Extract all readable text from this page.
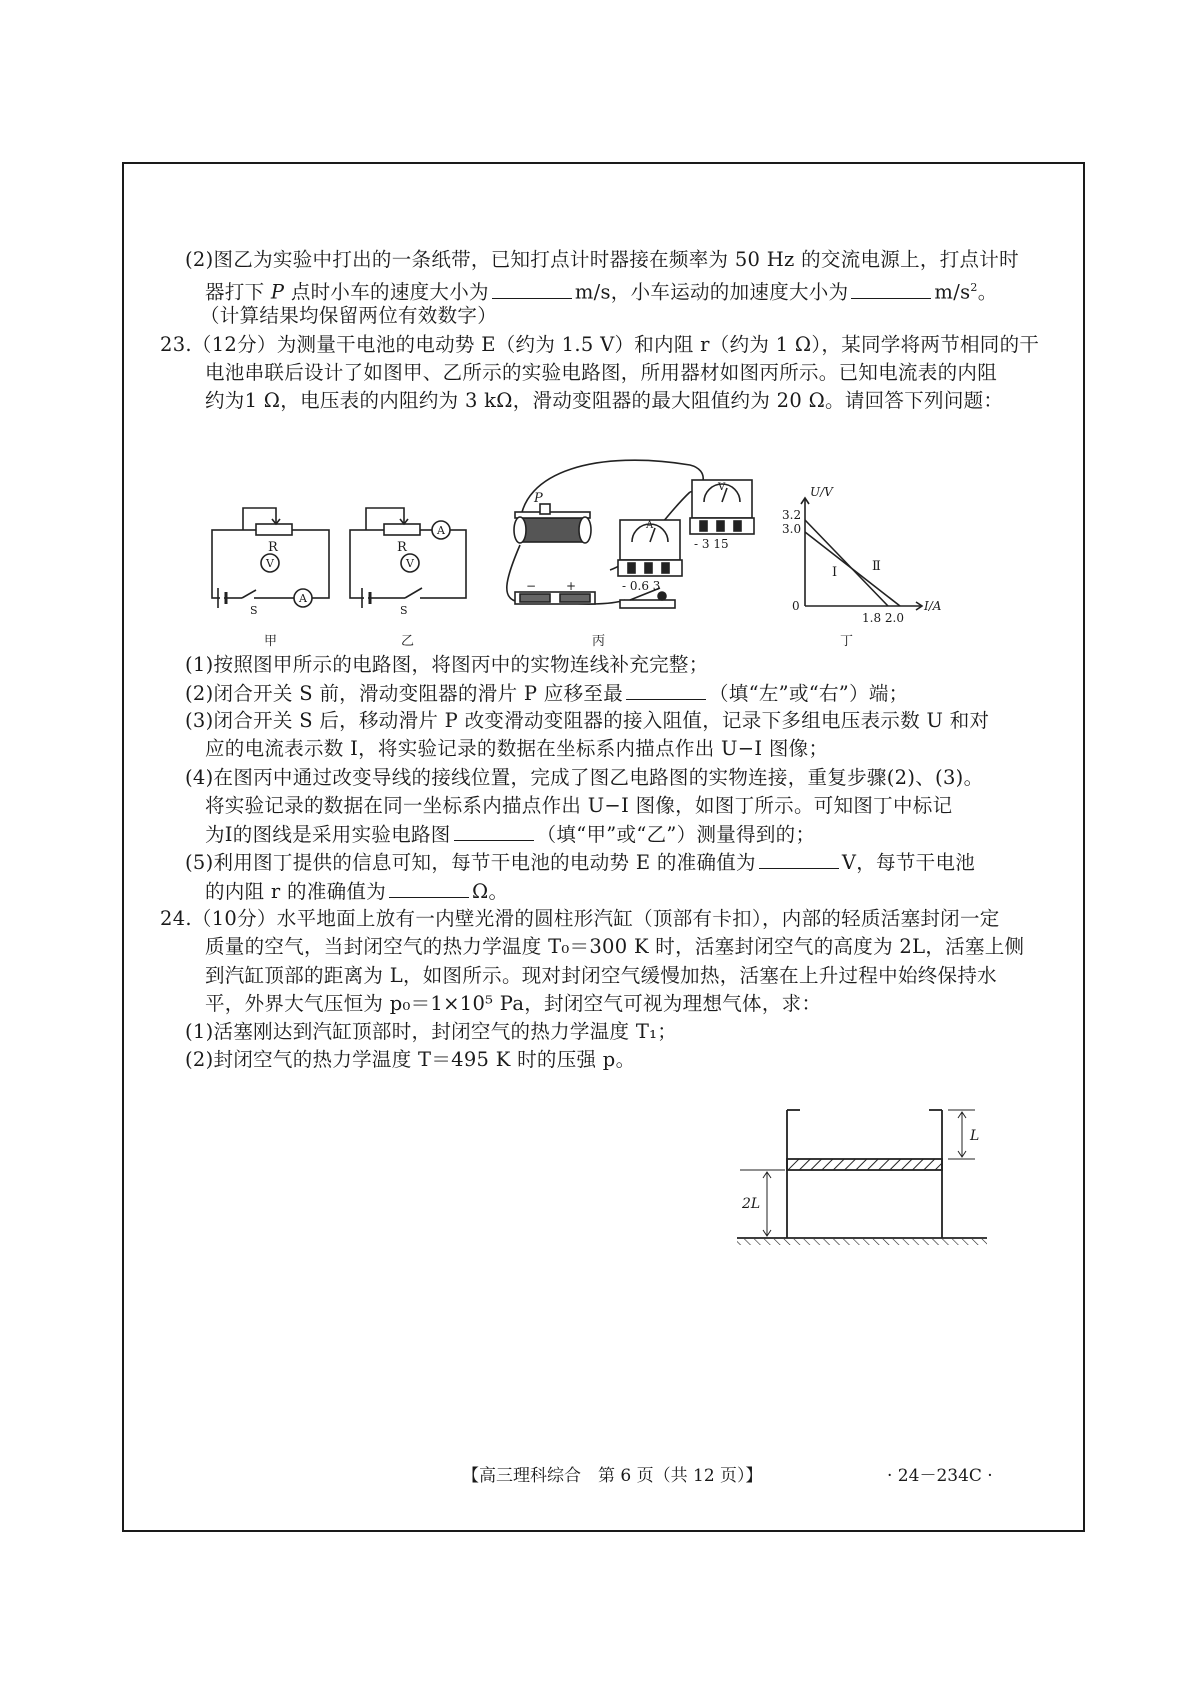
(2)图乙为实验中打出的一条纸带，已知打点计时器接在频率为 50 Hz 的交流电源上，打点计时
器打下 P 点时小车的速度大小为	m/s，小车运动的加速度大小为	$m/s^2$。
（计算结果均保留两位有效数字）
23.（12分）为测量干电池的电动势 E（约为 1.5 V）和内阻 r（约为 1 Ω），某同学将两节相同的干
电池串联后设计了如图甲、乙所示的实验电路图，所用器材如图丙所示。已知电流表的内阻
约为1 Ω，电压表的内阻约为 3 kΩ，滑动变阻器的最大阻值约为 20 Ω。请回答下列问题：
R
V
A
S
甲
R
A
V
S
乙
P
A
V
- 0.6 3
- 3 15
− +
丙
U/V
I/A
3.2
3.0
0
1.8 2.0
Ⅰ	Ⅱ
丁
(1)按照图甲所示的电路图，将图丙中的实物连线补充完整；
(2)闭合开关 S 前，滑动变阻器的滑片 P 应移至最	（填“左”或“右”）端；
(3)闭合开关 S 后，移动滑片 P 改变滑动变阻器的接入阻值，记录下多组电压表示数 U 和对
应的电流表示数 I，将实验记录的数据在坐标系内描点作出 U−I 图像；
(4)在图丙中通过改变导线的接线位置，完成了图乙电路图的实物连接，重复步骤(2)、(3)。
将实验记录的数据在同一坐标系内描点作出 U−I 图像，如图丁所示。可知图丁中标记
为Ⅰ的图线是采用实验电路图	（填“甲”或“乙”）测量得到的；
(5)利用图丁提供的信息可知，每节干电池的电动势 E 的准确值为	V，每节干电池
的内阻 r 的准确值为	Ω。
24.（10分）水平地面上放有一内壁光滑的圆柱形汽缸（顶部有卡扣），内部的轻质活塞封闭一定
质量的空气，当封闭空气的热力学温度 T₀＝300 K 时，活塞封闭空气的高度为 2L，活塞上侧
到汽缸顶部的距离为 L，如图所示。现对封闭空气缓慢加热，活塞在上升过程中始终保持水
平，外界大气压恒为 p₀＝1×10⁵ Pa，封闭空气可视为理想气体，求：
(1)活塞刚达到汽缸顶部时，封闭空气的热力学温度 T₁；
(2)封闭空气的热力学温度 T＝495 K 时的压强 p。
L
2L
【高三理科综合　第 6 页（共 12 页）】	· 24－234C ·
